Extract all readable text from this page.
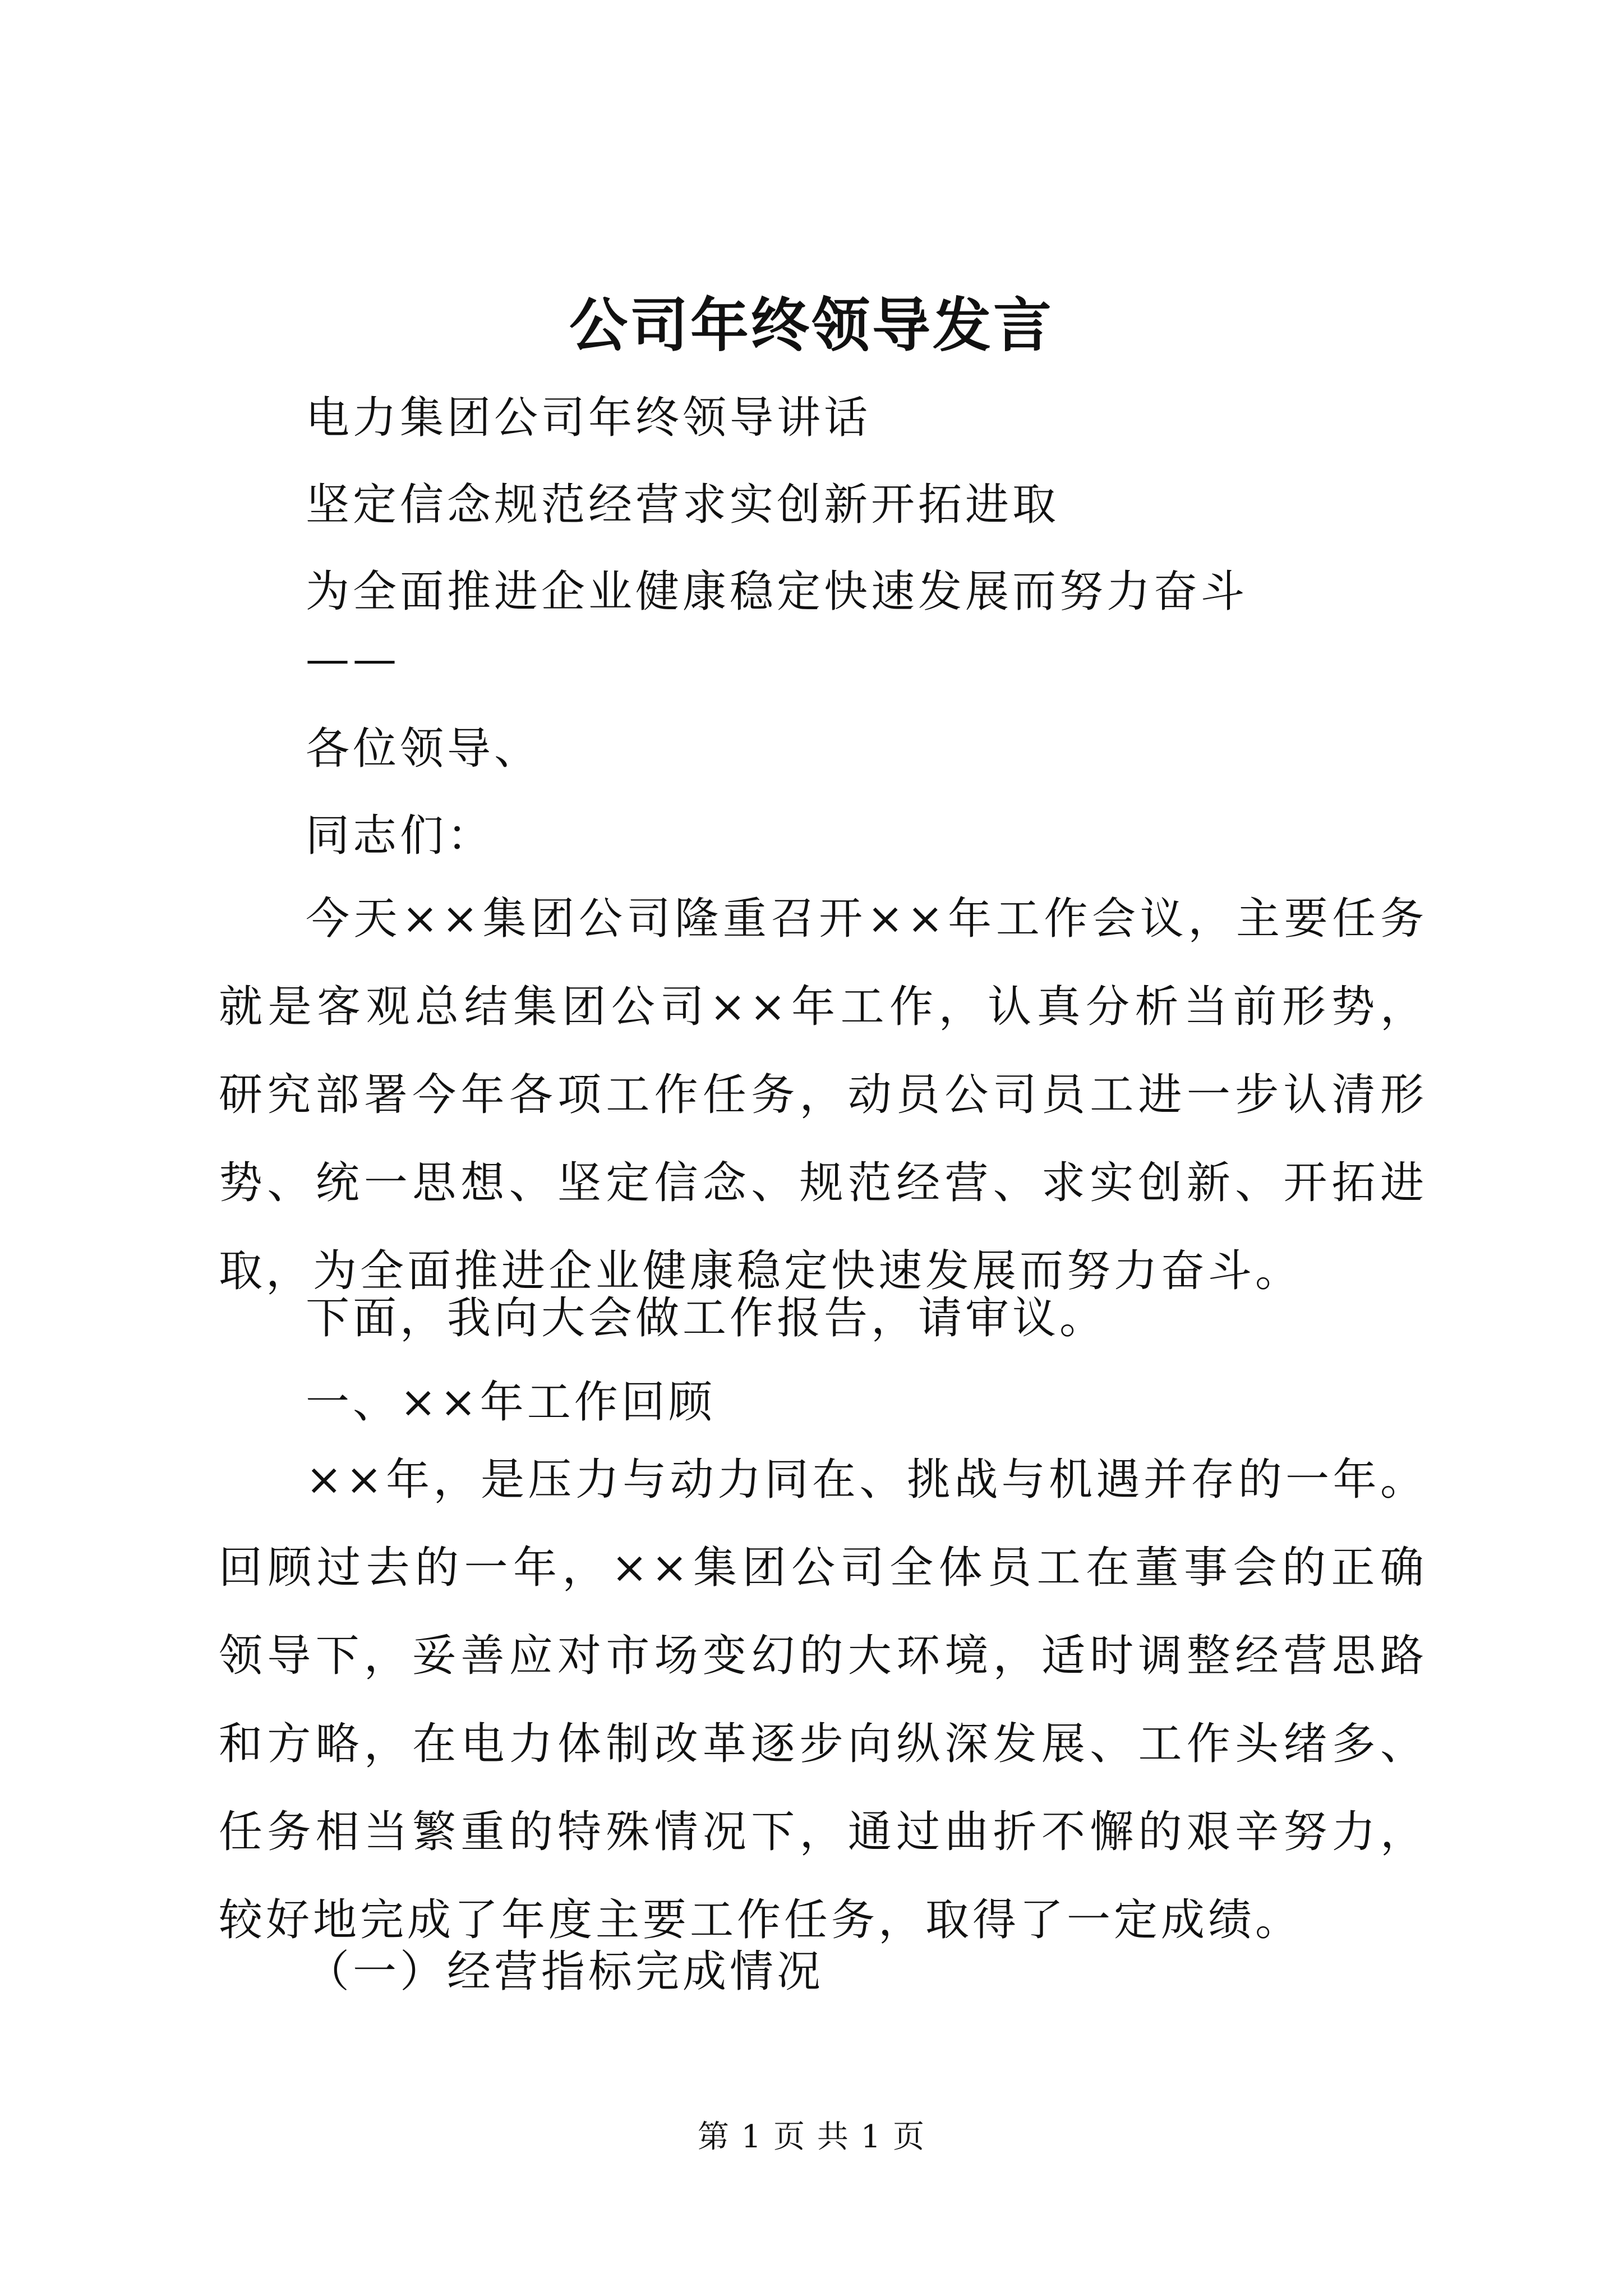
公司年终领导发言
电力集团公司年终领导讲话
坚定信念规范经营求实创新开拓进取
为全面推进企业健康稳定快速发展而努力奋斗
——
各位领导、
同志们：
今天××集团公司隆重召开××年工作会议，主要任务就是客观总结集团公司××年工作，认真分析当前形势，研究部署今年各项工作任务，动员公司员工进一步认清形势、统一思想、坚定信念、规范经营、求实创新、开拓进取，为全面推进企业健康稳定快速发展而努力奋斗。
下面，我向大会做工作报告，请审议。
一、××年工作回顾
××年，是压力与动力同在、挑战与机遇并存的一年。回顾过去的一年，××集团公司全体员工在董事会的正确领导下，妥善应对市场变幻的大环境，适时调整经营思路和方略，在电力体制改革逐步向纵深发展、工作头绪多、任务相当繁重的特殊情况下，通过曲折不懈的艰辛努力，较好地完成了年度主要工作任务，取得了一定成绩。
（一）经营指标完成情况
第 1 页 共 1 页
